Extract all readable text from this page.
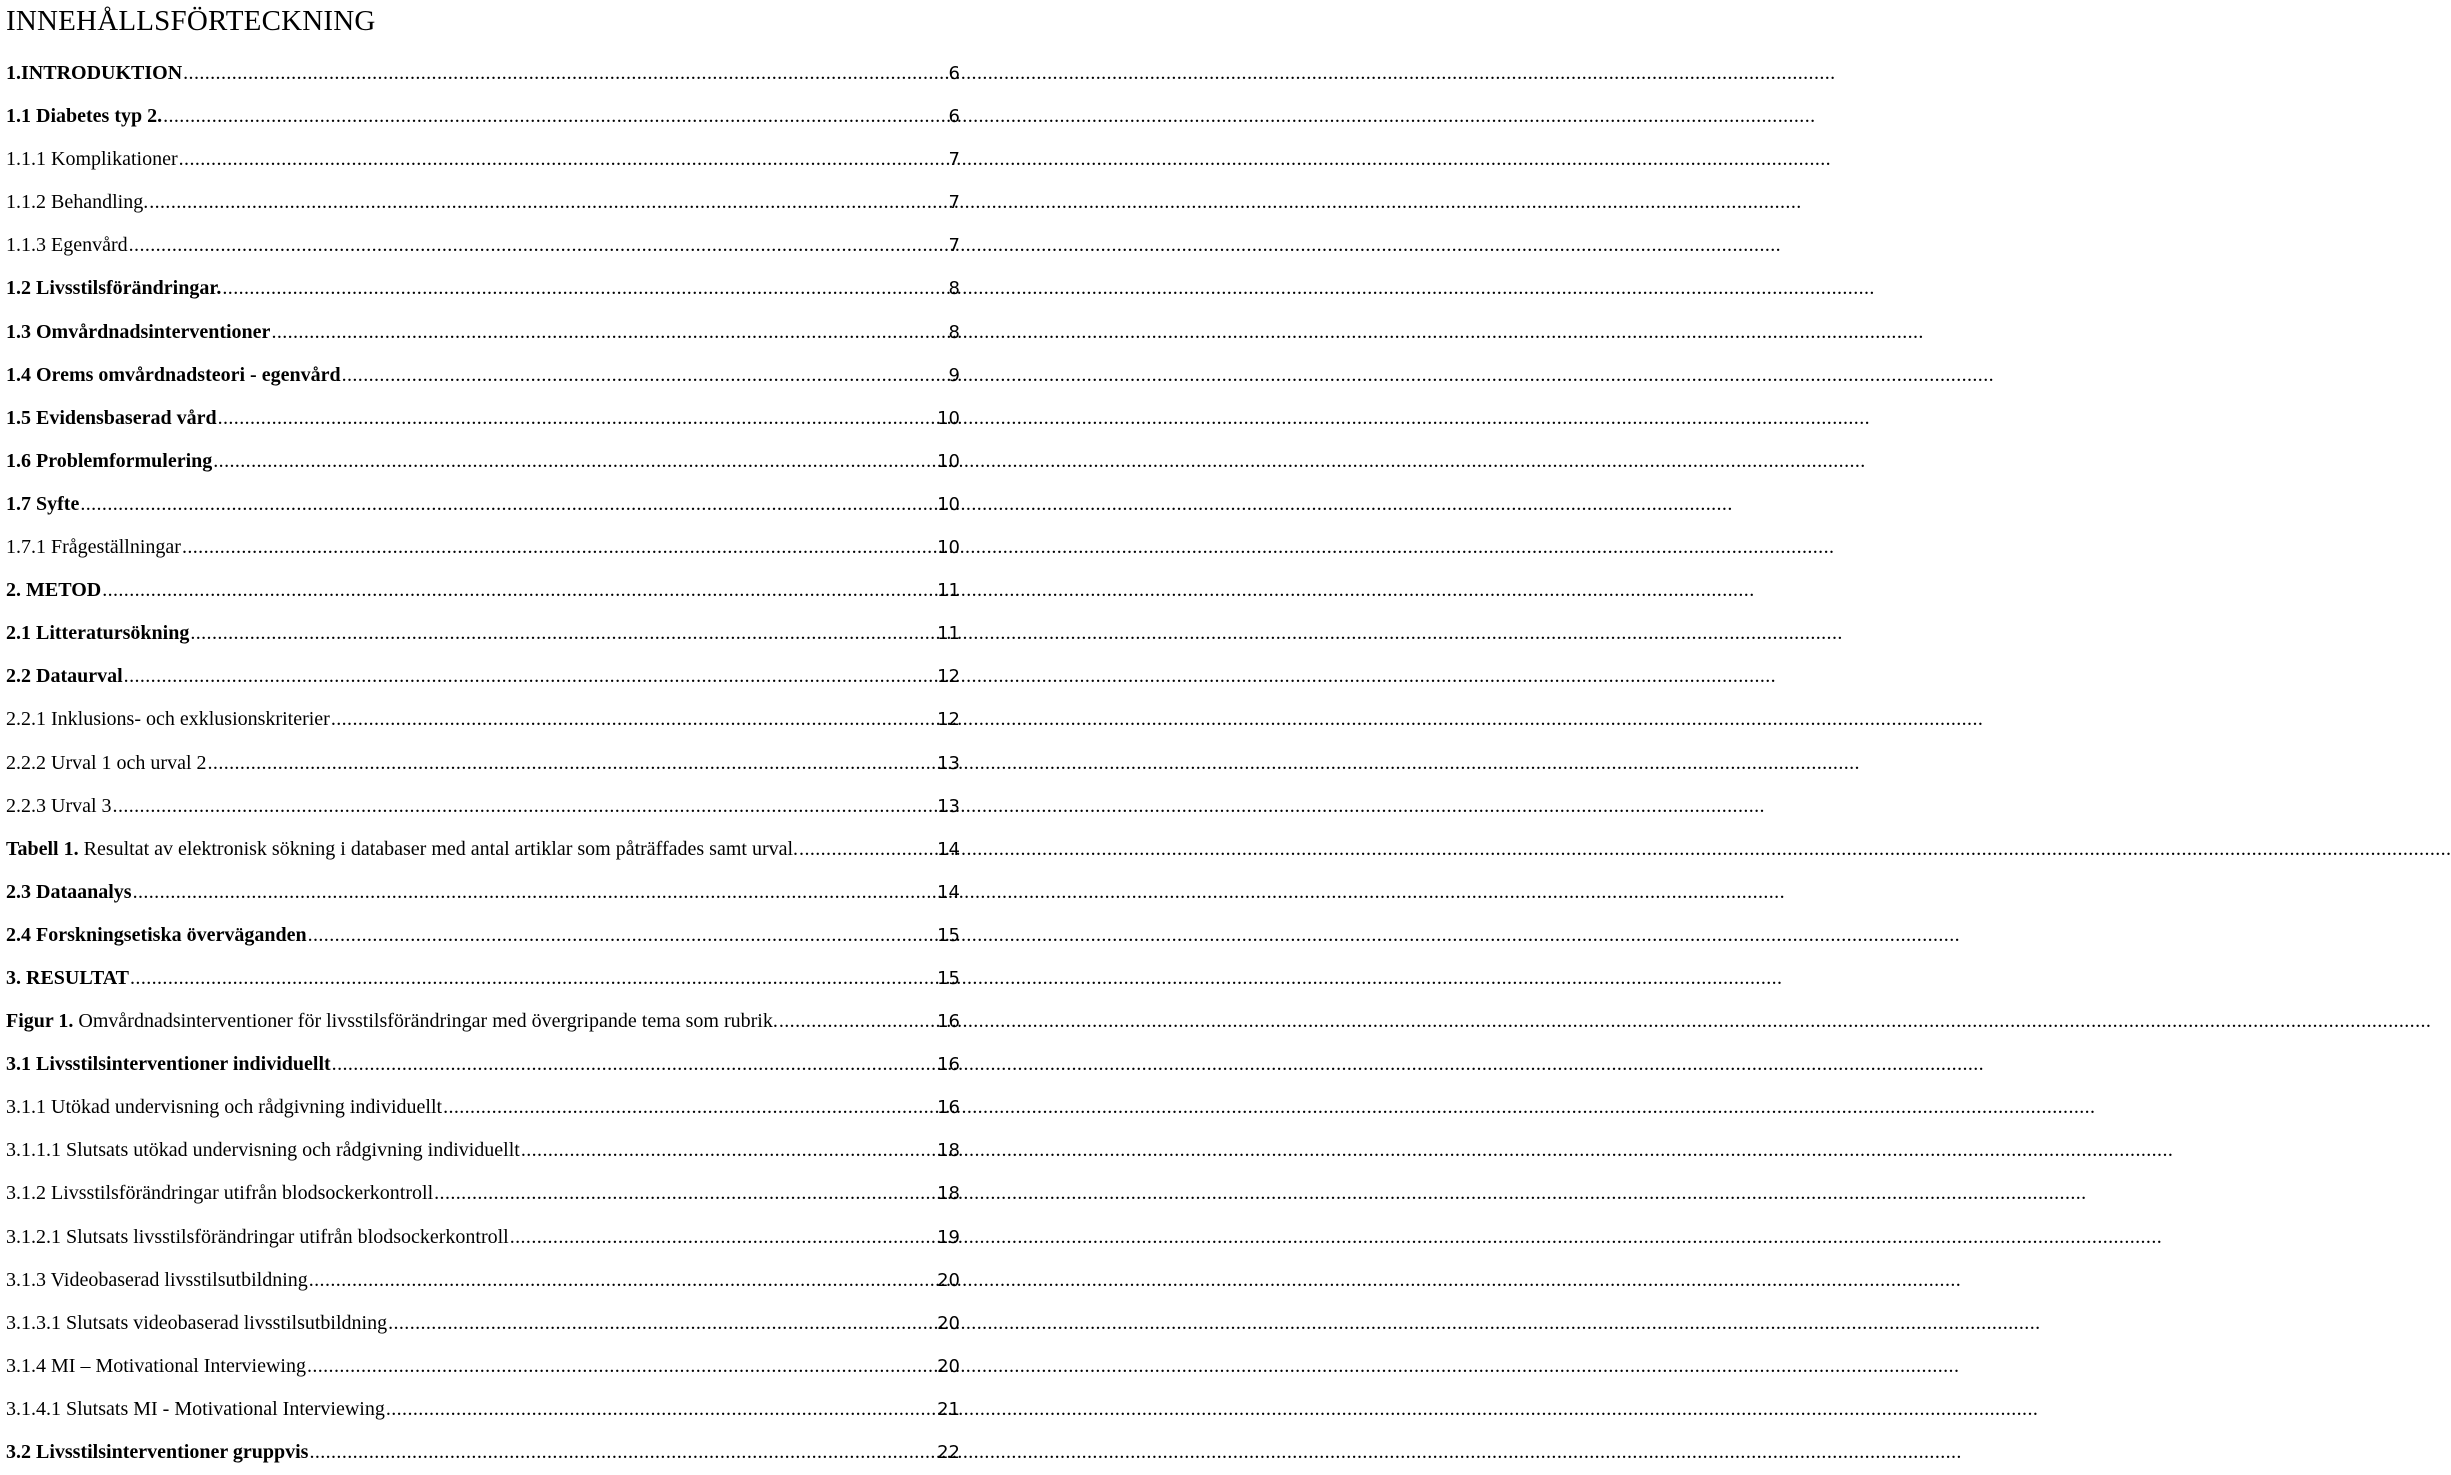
INNEHÅLLSFÖRTECKNING
1.INTRODUKTION .....	6
1.1 Diabetes typ 2. .....	6
1.1.1 Komplikationer .....	7
1.1.2 Behandling. .....	7
1.1.3 Egenvård .....	7
1.2 Livsstilsförändringar. .....	8
1.3 Omvårdnadsinterventioner .....	8
1.4 Orems omvårdnadsteori - egenvård .....	9
1.5 Evidensbaserad vård .....	10
1.6 Problemformulering .....	10
1.7 Syfte .....	10
1.7.1 Frågeställningar .....	10
2. METOD .....	11
2.1 Litteratursökning .....	11
2.2 Dataurval .....	12
2.2.1 Inklusions- och exklusionskriterier .....	12
2.2.2 Urval 1 och urval 2 .....	13
2.2.3 Urval 3 .....	13
Tabell 1. Resultat av elektronisk sökning i databaser med antal artiklar som påträffades samt urval. .....	14
2.3 Dataanalys .....	14
2.4 Forskningsetiska överväganden .....	15
3. RESULTAT .....	15
Figur 1. Omvårdnadsinterventioner för livsstilsförändringar med övergripande tema som rubrik. .....	16
3.1 Livsstilsinterventioner individuellt .....	16
3.1.1 Utökad undervisning och rådgivning individuellt .....	16
3.1.1.1 Slutsats utökad undervisning och rådgivning individuellt .....	18
3.1.2 Livsstilsförändringar utifrån blodsockerkontroll .....	18
3.1.2.1 Slutsats livsstilsförändringar utifrån blodsockerkontroll .....	19
3.1.3 Videobaserad livsstilsutbildning .....	20
3.1.3.1 Slutsats videobaserad livsstilsutbildning .....	20
3.1.4 MI – Motivational Interviewing .....	20
3.1.4.1 Slutsats MI - Motivational Interviewing .....	21
3.2 Livsstilsinterventioner gruppvis .....	22
